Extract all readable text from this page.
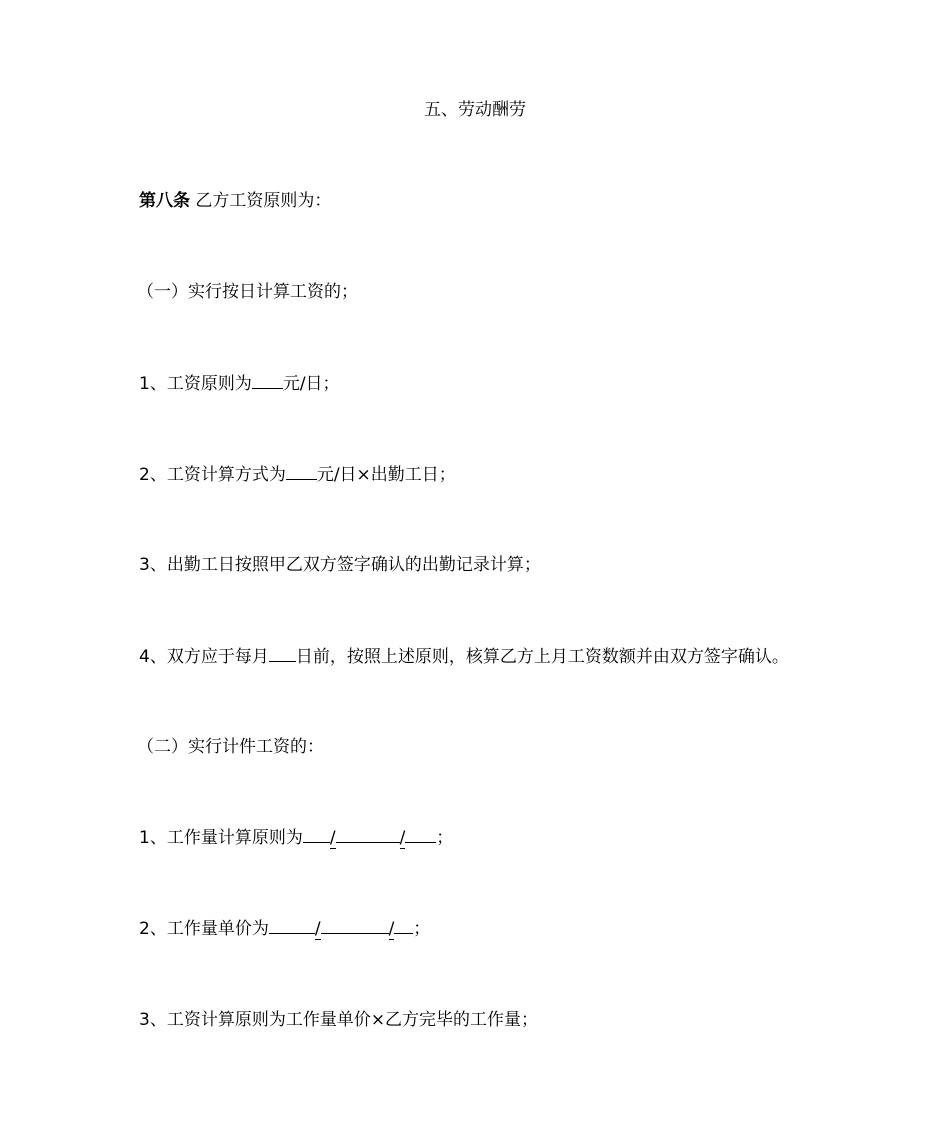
五、劳动酬劳
第八条 乙方工资原则为：
（一）实行按日计算工资的；
1、工资原则为 元/日；
2、工资计算方式为 元/日×出勤工日；
3、出勤工日按照甲乙双方签字确认的出勤记录计算；
4、双方应于每月 日前，按照上述原则，核算乙方上月工资数额并由双方签字确认。
（二）实行计件工资的：
1、工作量计算原则为 /	/ ；
2、工作量单价为	/	/ ；
3、工资计算原则为工作量单价×乙方完毕的工作量；
